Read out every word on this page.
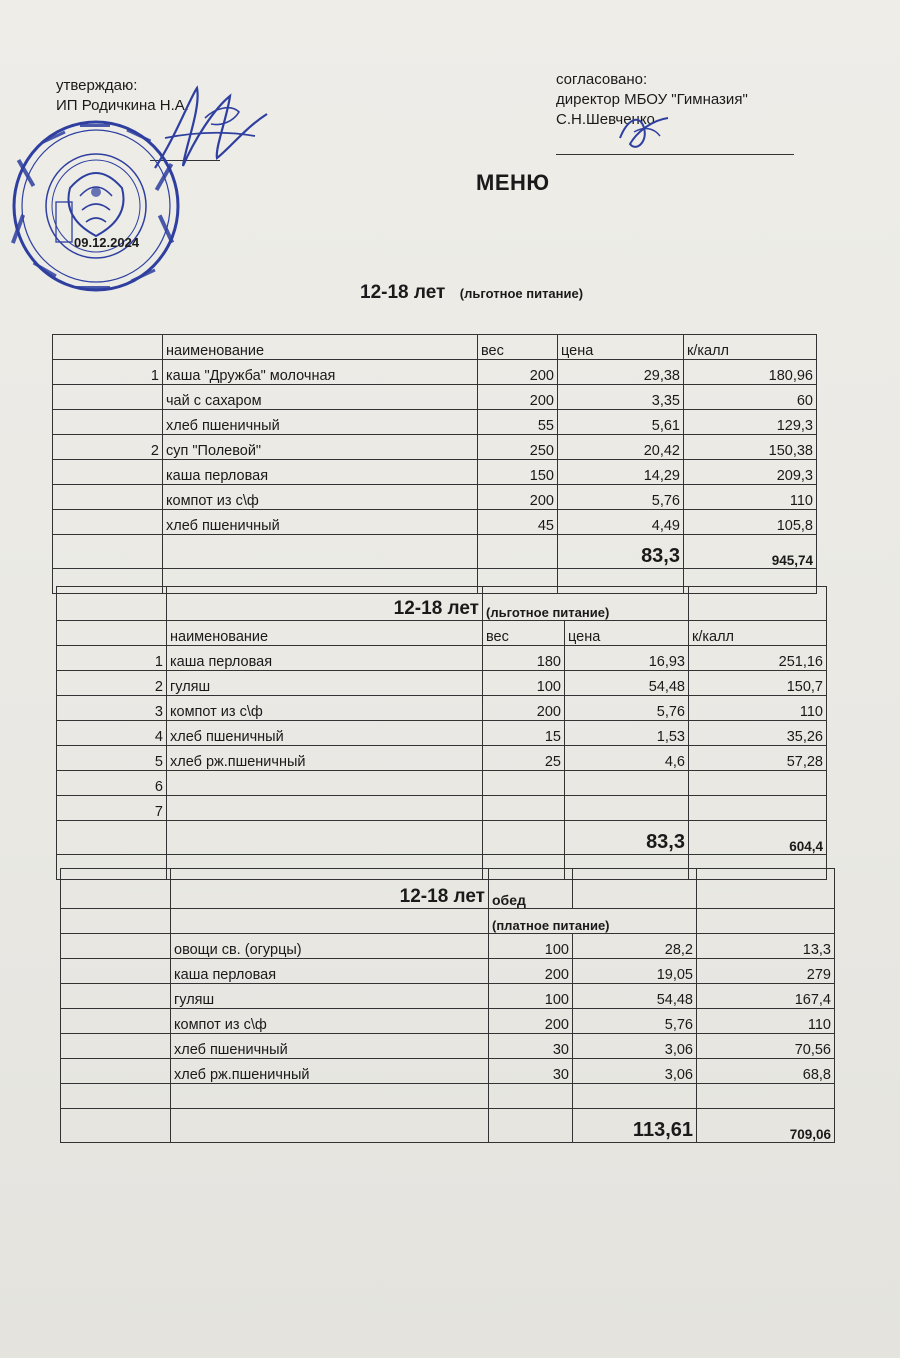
утверждаю:
ИП Родичкина Н.А.
согласовано:
директор МБОУ "Гимназия"
С.Н.Шевченко
МЕНЮ
09.12.2024
12-18 лет (льготное питание)
	наименование	вес	цена	к/калл
1	каша "Дружба" молочная	200	29,38	180,96
	чай с сахаром	200	3,35	60
	хлеб пшеничный	55	5,61	129,3
2	суп "Полевой"	250	20,42	150,38
	каша перловая	150	14,29	209,3
	компот из с\ф	200	5,76	110
	хлеб пшеничный	45	4,49	105,8
			83,3	945,74

	12-18 лет	(льготное питание)		
	наименование	вес	цена	к/калл
1	каша перловая	180	16,93	251,16
2	гуляш	100	54,48	150,7
3	компот из с\ф	200	5,76	110
4	хлеб пшеничный	15	1,53	35,26
5	хлеб рж.пшеничный	25	4,6	57,28
6				
7				
			83,3	604,4

	12-18 лет	обед		
		(платное питание)		
	овощи св. (огурцы)	100	28,2	13,3
	каша перловая	200	19,05	279
	гуляш	100	54,48	167,4
	компот из с\ф	200	5,76	110
	хлеб пшеничный	30	3,06	70,56
	хлеб рж.пшеничный	30	3,06	68,8

			113,61	709,06
